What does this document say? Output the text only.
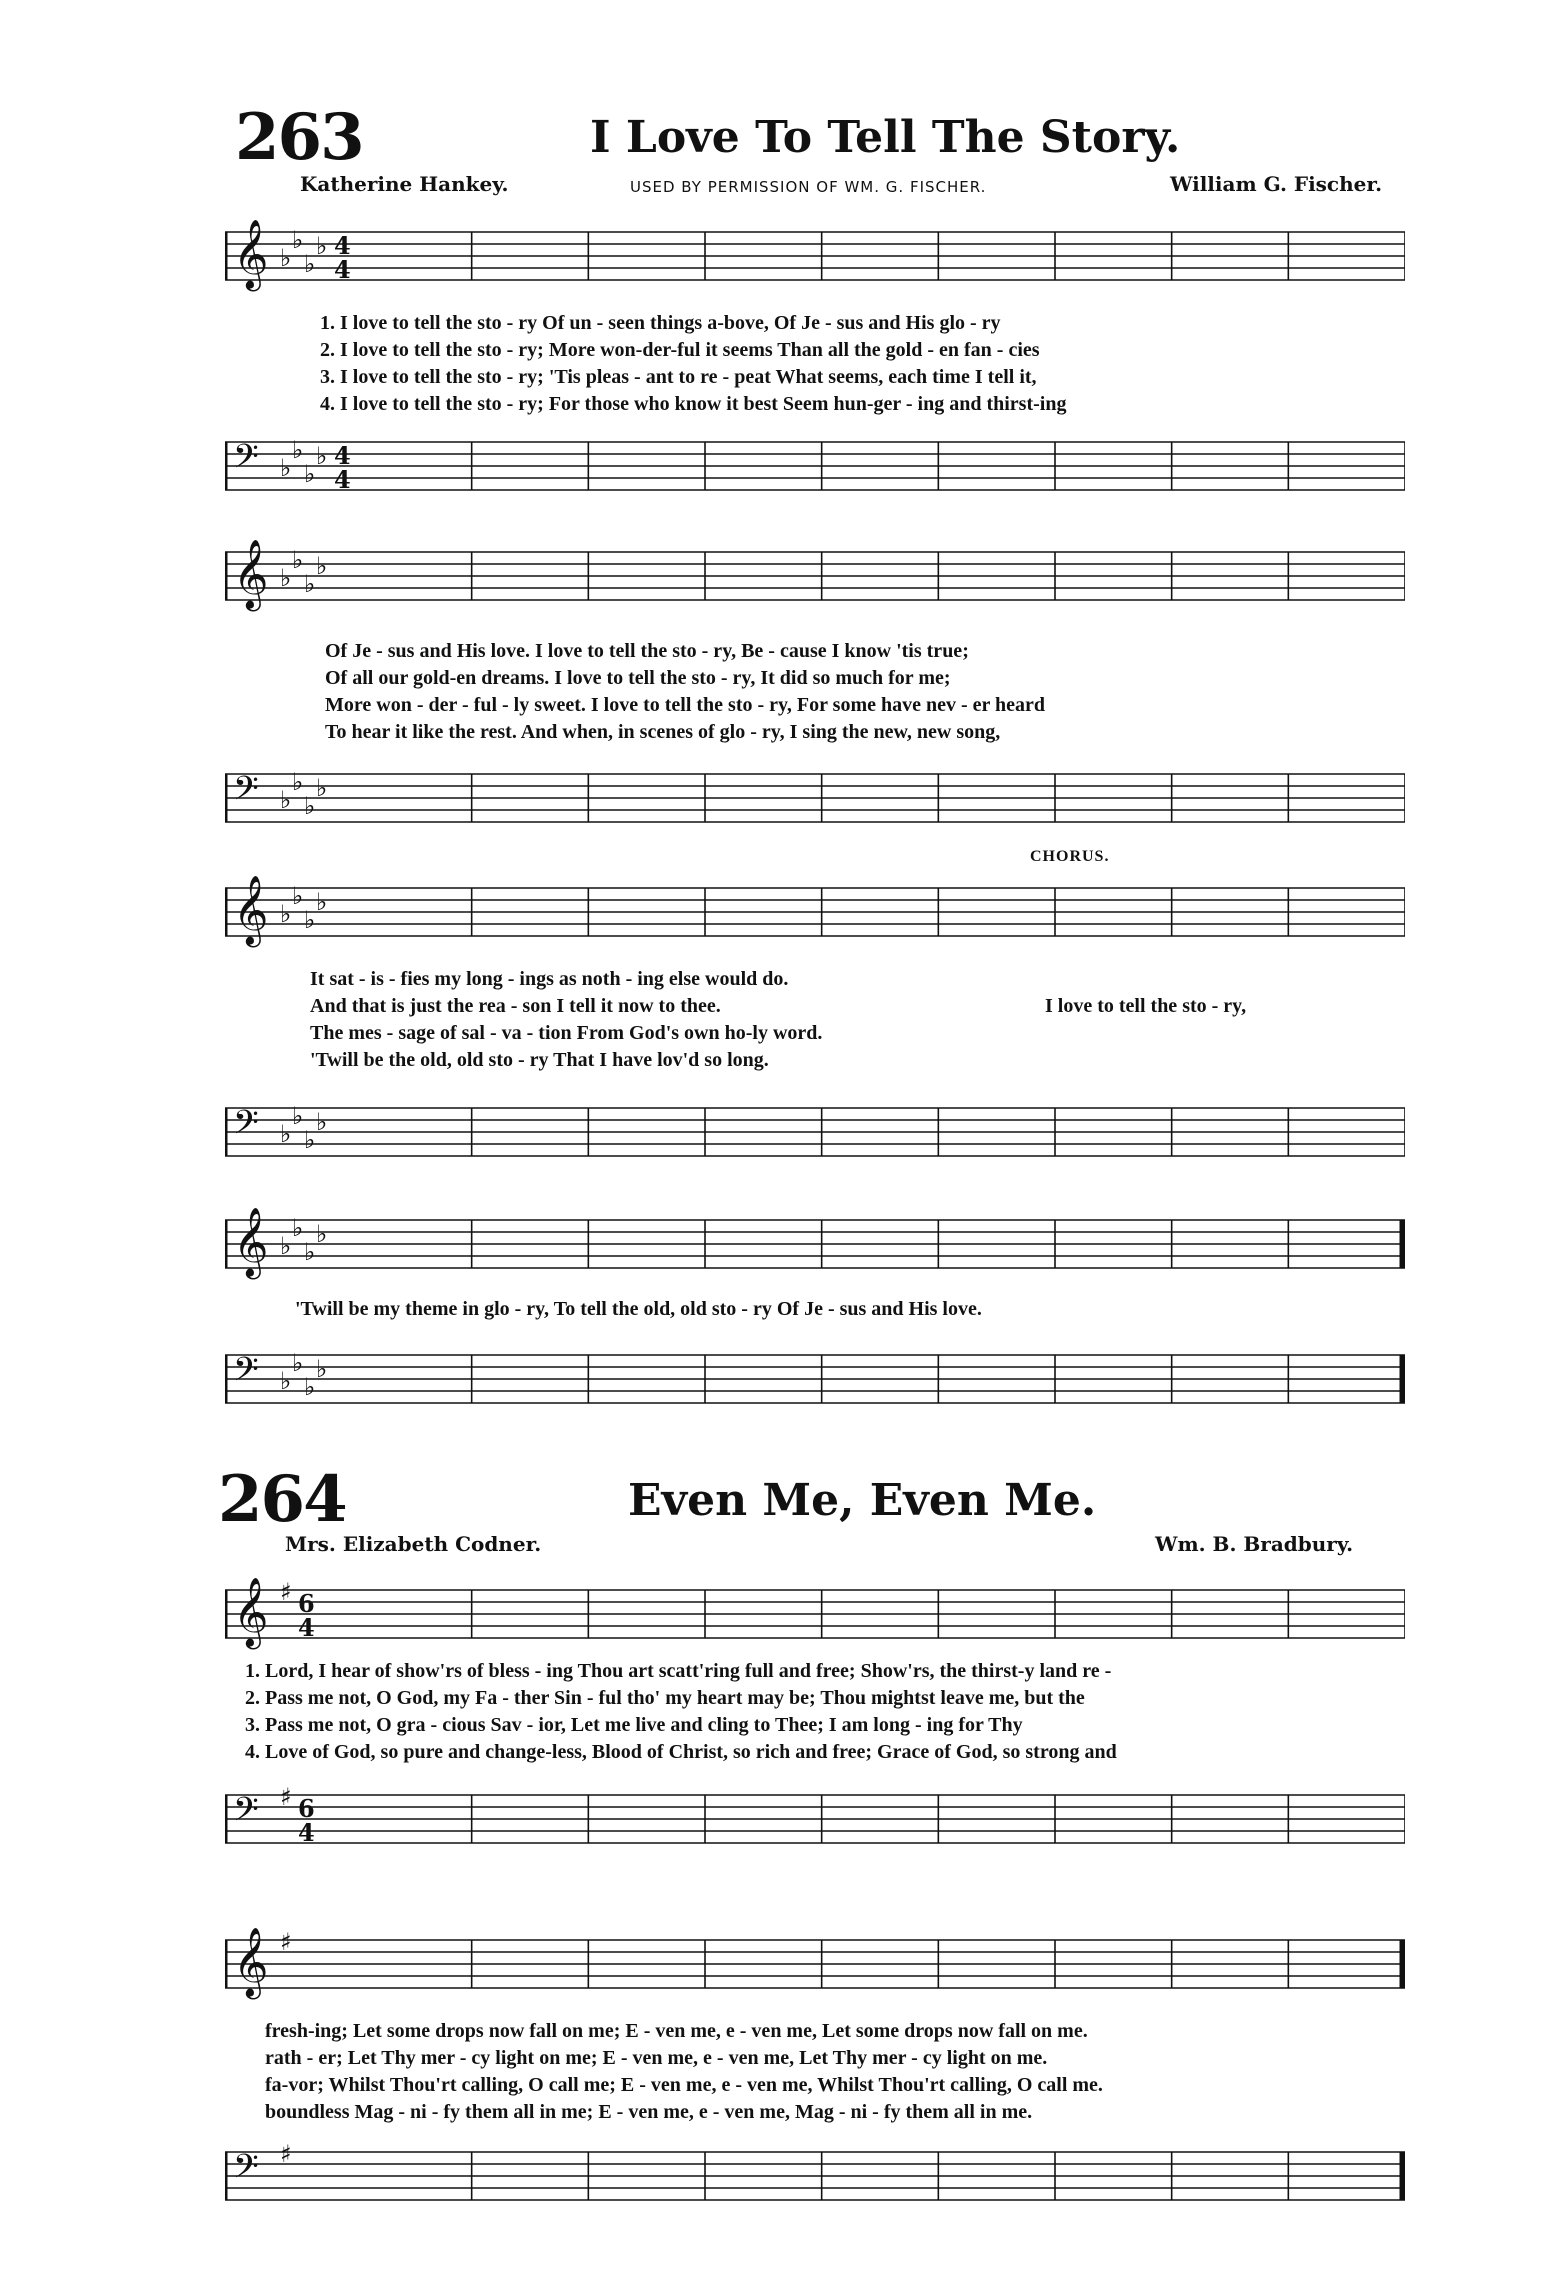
263	I Love To Tell The Story.
Katherine Hankey.	USED BY PERMISSION OF WM. G. FISCHER.	William G. Fischer.
𝄞 ♭
♭
♭
♭ 4
4
1. I love to tell the sto - ry Of un - seen things a-bove, Of Je - sus and His glo - ry
2. I love to tell the sto - ry; More won-der-ful it seems Than all the gold - en fan - cies
3. I love to tell the sto - ry; 'Tis pleas - ant to re - peat What seems, each time I tell it,
4. I love to tell the sto - ry; For those who know it best Seem hun-ger - ing and thirst-ing
𝄢 ♭
♭
♭
♭ 4
4
𝄞 ♭
♭
♭
♭
Of Je - sus and His love. I love to tell the sto - ry, Be - cause I know 'tis true;
Of all our gold-en dreams. I love to tell the sto - ry, It did so much for me;
More won - der - ful - ly sweet. I love to tell the sto - ry, For some have nev - er heard
To hear it like the rest. And when, in scenes of glo - ry, I sing the new, new song,
𝄢 ♭
♭
♭
♭
CHORUS.
𝄞 ♭
♭
♭
♭
It sat - is - fies my long - ings as noth - ing else would do.
And that is just the rea - son I tell it now to thee.
The mes - sage of sal - va - tion From God's own ho-ly word.
'Twill be the old, old sto - ry That I have lov'd so long.
I love to tell the sto - ry,
𝄢 ♭
♭
♭
♭
𝄞 ♭
♭
♭
♭
'Twill be my theme in glo - ry, To tell the old, old sto - ry Of Je - sus and His love.
𝄢 ♭
♭
♭
♭
264	Even Me, Even Me.
Mrs. Elizabeth Codner.	Wm. B. Bradbury.
𝄞 ♯ 6
4
1. Lord, I hear of show'rs of bless - ing Thou art scatt'ring full and free; Show'rs, the thirst-y land re -
2. Pass me not, O God, my Fa - ther Sin - ful tho' my heart may be; Thou mightst leave me, but the
3. Pass me not, O gra - cious Sav - ior, Let me live and cling to Thee; I am long - ing for Thy
4. Love of God, so pure and change-less, Blood of Christ, so rich and free; Grace of God, so strong and
𝄢 ♯ 6
4
𝄞 ♯
fresh-ing; Let some drops now fall on me; E - ven me, e - ven me, Let some drops now fall on me.
rath - er; Let Thy mer - cy light on me; E - ven me, e - ven me, Let Thy mer - cy light on me.
fa-vor; Whilst Thou'rt calling, O call me; E - ven me, e - ven me, Whilst Thou'rt calling, O call me.
boundless Mag - ni - fy them all in me; E - ven me, e - ven me, Mag - ni - fy them all in me.
𝄢 ♯
